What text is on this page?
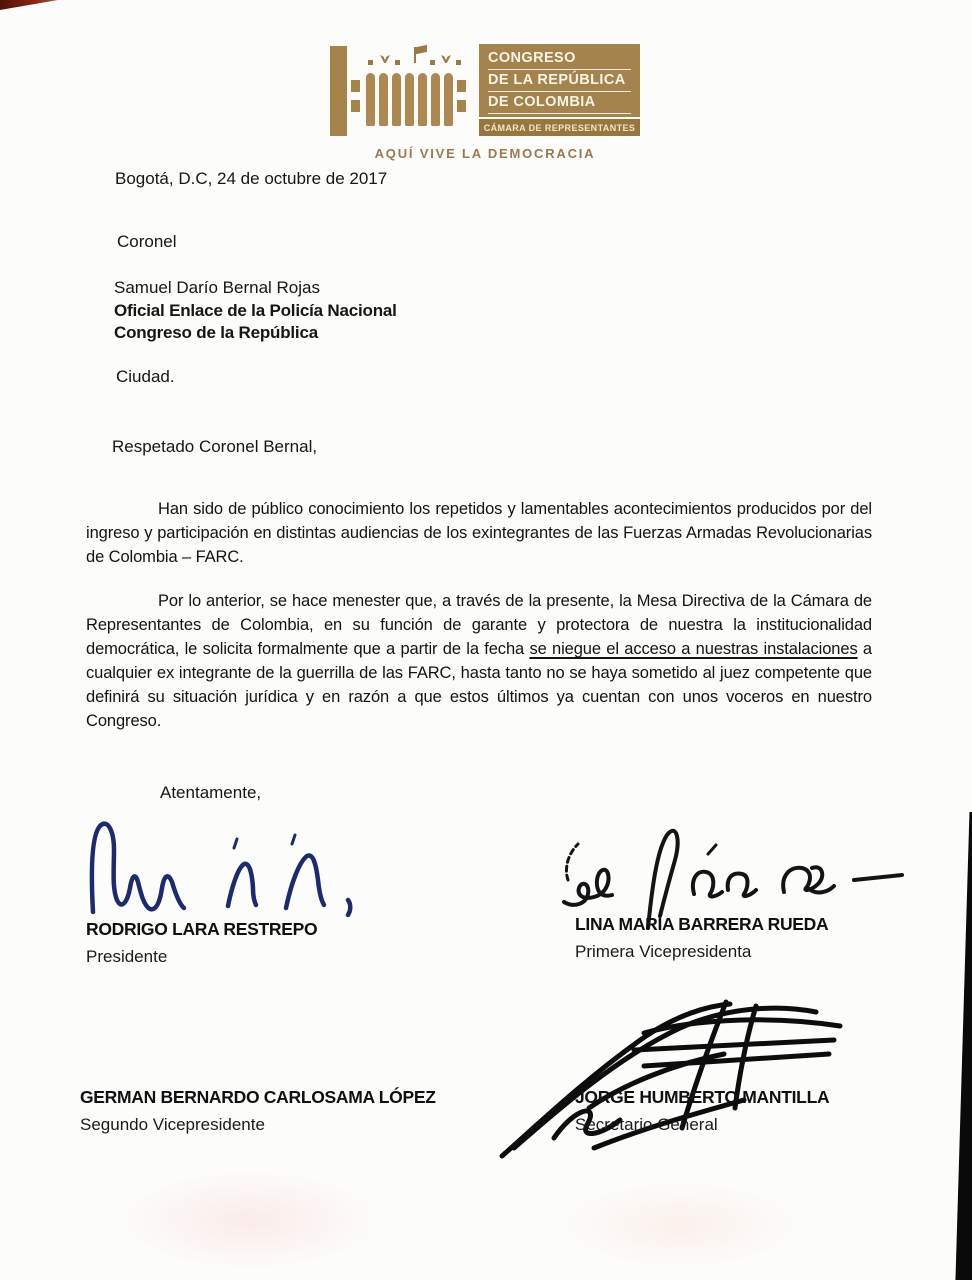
CONGRESO
DE LA REPÚBLICA
DE COLOMBIA
CÁMARA DE REPRESENTANTES
AQUÍ VIVE LA DEMOCRACIA
Bogotá, D.C, 24 de octubre de 2017
Coronel
Samuel Darío Bernal Rojas
Oficial Enlace de la Policía Nacional
Congreso de la República
Ciudad.
Respetado Coronel Bernal,
Han sido de público conocimiento los repetidos y lamentables acontecimientos producidos por del ingreso y participación en distintas audiencias de los exintegrantes de las Fuerzas Armadas Revolucionarias de Colombia – FARC.
Por lo anterior, se hace menester que, a través de la presente, la Mesa Directiva de la Cámara de Representantes de Colombia, en su función de garante y protectora de nuestra la institucionalidad democrática, le solicita formalmente que a partir de la fecha se niegue el acceso a nuestras instalaciones a cualquier ex integrante de la guerrilla de las FARC, hasta tanto no se haya sometido al juez competente que definirá su situación jurídica y en razón a que estos últimos ya cuentan con unos voceros en nuestro Congreso.
Atentamente,
RODRIGO LARA RESTREPO
Presidente
LINA MARÍA BARRERA RUEDA
Primera Vicepresidenta
GERMAN BERNARDO CARLOSAMA LÓPEZ
Segundo Vicepresidente
JORGE HUMBERTO MANTILLA
Secretario General
